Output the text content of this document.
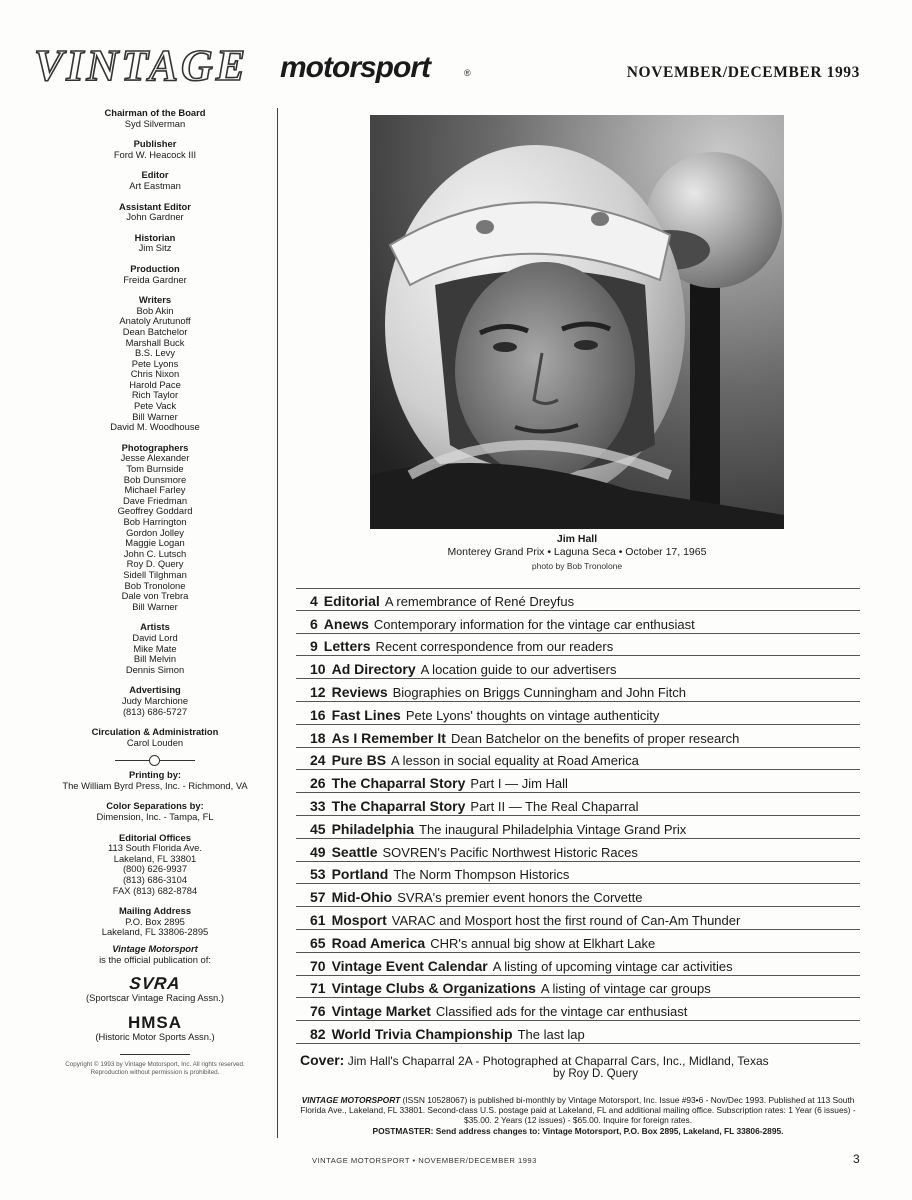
VINTAGE motorsport	®	NOVEMBER/DECEMBER 1993
Chairman of the Board
Syd Silverman
Publisher
Ford W. Heacock III
Editor
Art Eastman
Assistant Editor
John Gardner
Historian
Jim Sitz
Production
Freida Gardner
Writers
Bob Akin
Anatoly Arutunoff
Dean Batchelor
Marshall Buck
B.S. Levy
Pete Lyons
Chris Nixon
Harold Pace
Rich Taylor
Pete Vack
Bill Warner
David M. Woodhouse
Photographers
Jesse Alexander
Tom Burnside
Bob Dunsmore
Michael Farley
Dave Friedman
Geoffrey Goddard
Bob Harrington
Gordon Jolley
Maggie Logan
John C. Lutsch
Roy D. Query
Sidell Tilghman
Bob Tronolone
Dale von Trebra
Bill Warner
Artists
David Lord
Mike Mate
Bill Melvin
Dennis Simon
Advertising
Judy Marchione
(813) 686-5727
Circulation & Administration
Carol Louden
Printing by:
The William Byrd Press, Inc. - Richmond, VA
Color Separations by:
Dimension, Inc. - Tampa, FL
Editorial Offices
113 South Florida Ave.
Lakeland, FL 33801
(800) 626-9937
(813) 686-3104
FAX (813) 682-8784
Mailing Address
P.O. Box 2895
Lakeland, FL 33806-2895
Vintage Motorsport
is the official publication of:
SVRA
(Sportscar Vintage Racing Assn.)
HMSA
(Historic Motor Sports Assn.)
Copyright © 1993 by Vintage Motorsport, Inc. All rights reserved.
Reproduction without permission is prohibited.
Jim Hall
Monterey Grand Prix • Laguna Seca • October 17, 1965
photo by Bob Tronolone
4 Editorial A remembrance of René Dreyfus
6 Anews Contemporary information for the vintage car enthusiast
9 Letters Recent correspondence from our readers
10 Ad Directory A location guide to our advertisers
12 Reviews Biographies on Briggs Cunningham and John Fitch
16 Fast Lines Pete Lyons' thoughts on vintage authenticity
18 As I Remember It Dean Batchelor on the benefits of proper research
24 Pure BS A lesson in social equality at Road America
26 The Chaparral Story Part I — Jim Hall
33 The Chaparral Story Part II — The Real Chaparral
45 Philadelphia The inaugural Philadelphia Vintage Grand Prix
49 Seattle SOVREN's Pacific Northwest Historic Races
53 Portland The Norm Thompson Historics
57 Mid-Ohio SVRA's premier event honors the Corvette
61 Mosport VARAC and Mosport host the first round of Can-Am Thunder
65 Road America CHR's annual big show at Elkhart Lake
70 Vintage Event Calendar A listing of upcoming vintage car activities
71 Vintage Clubs & Organizations A listing of vintage car groups
76 Vintage Market Classified ads for the vintage car enthusiast
82 World Trivia Championship The last lap
Cover: Jim Hall's Chaparral 2A - Photographed at Chaparral Cars, Inc., Midland, Texas
by Roy D. Query
VINTAGE MOTORSPORT (ISSN 10528067) is published bi-monthly by Vintage Motorsport, Inc. Issue #93•6 - Nov/Dec 1993. Published at 113 South Florida Ave., Lakeland, FL 33801. Second-class U.S. postage paid at Lakeland, FL and additional mailing office. Subscription rates: 1 Year (6 issues) - $35.00. 2 Years (12 issues) - $65.00. Inquire for foreign rates.
POSTMASTER: Send address changes to: Vintage Motorsport, P.O. Box 2895, Lakeland, FL 33806-2895.
VINTAGE MOTORSPORT • NOVEMBER/DECEMBER 1993	3
